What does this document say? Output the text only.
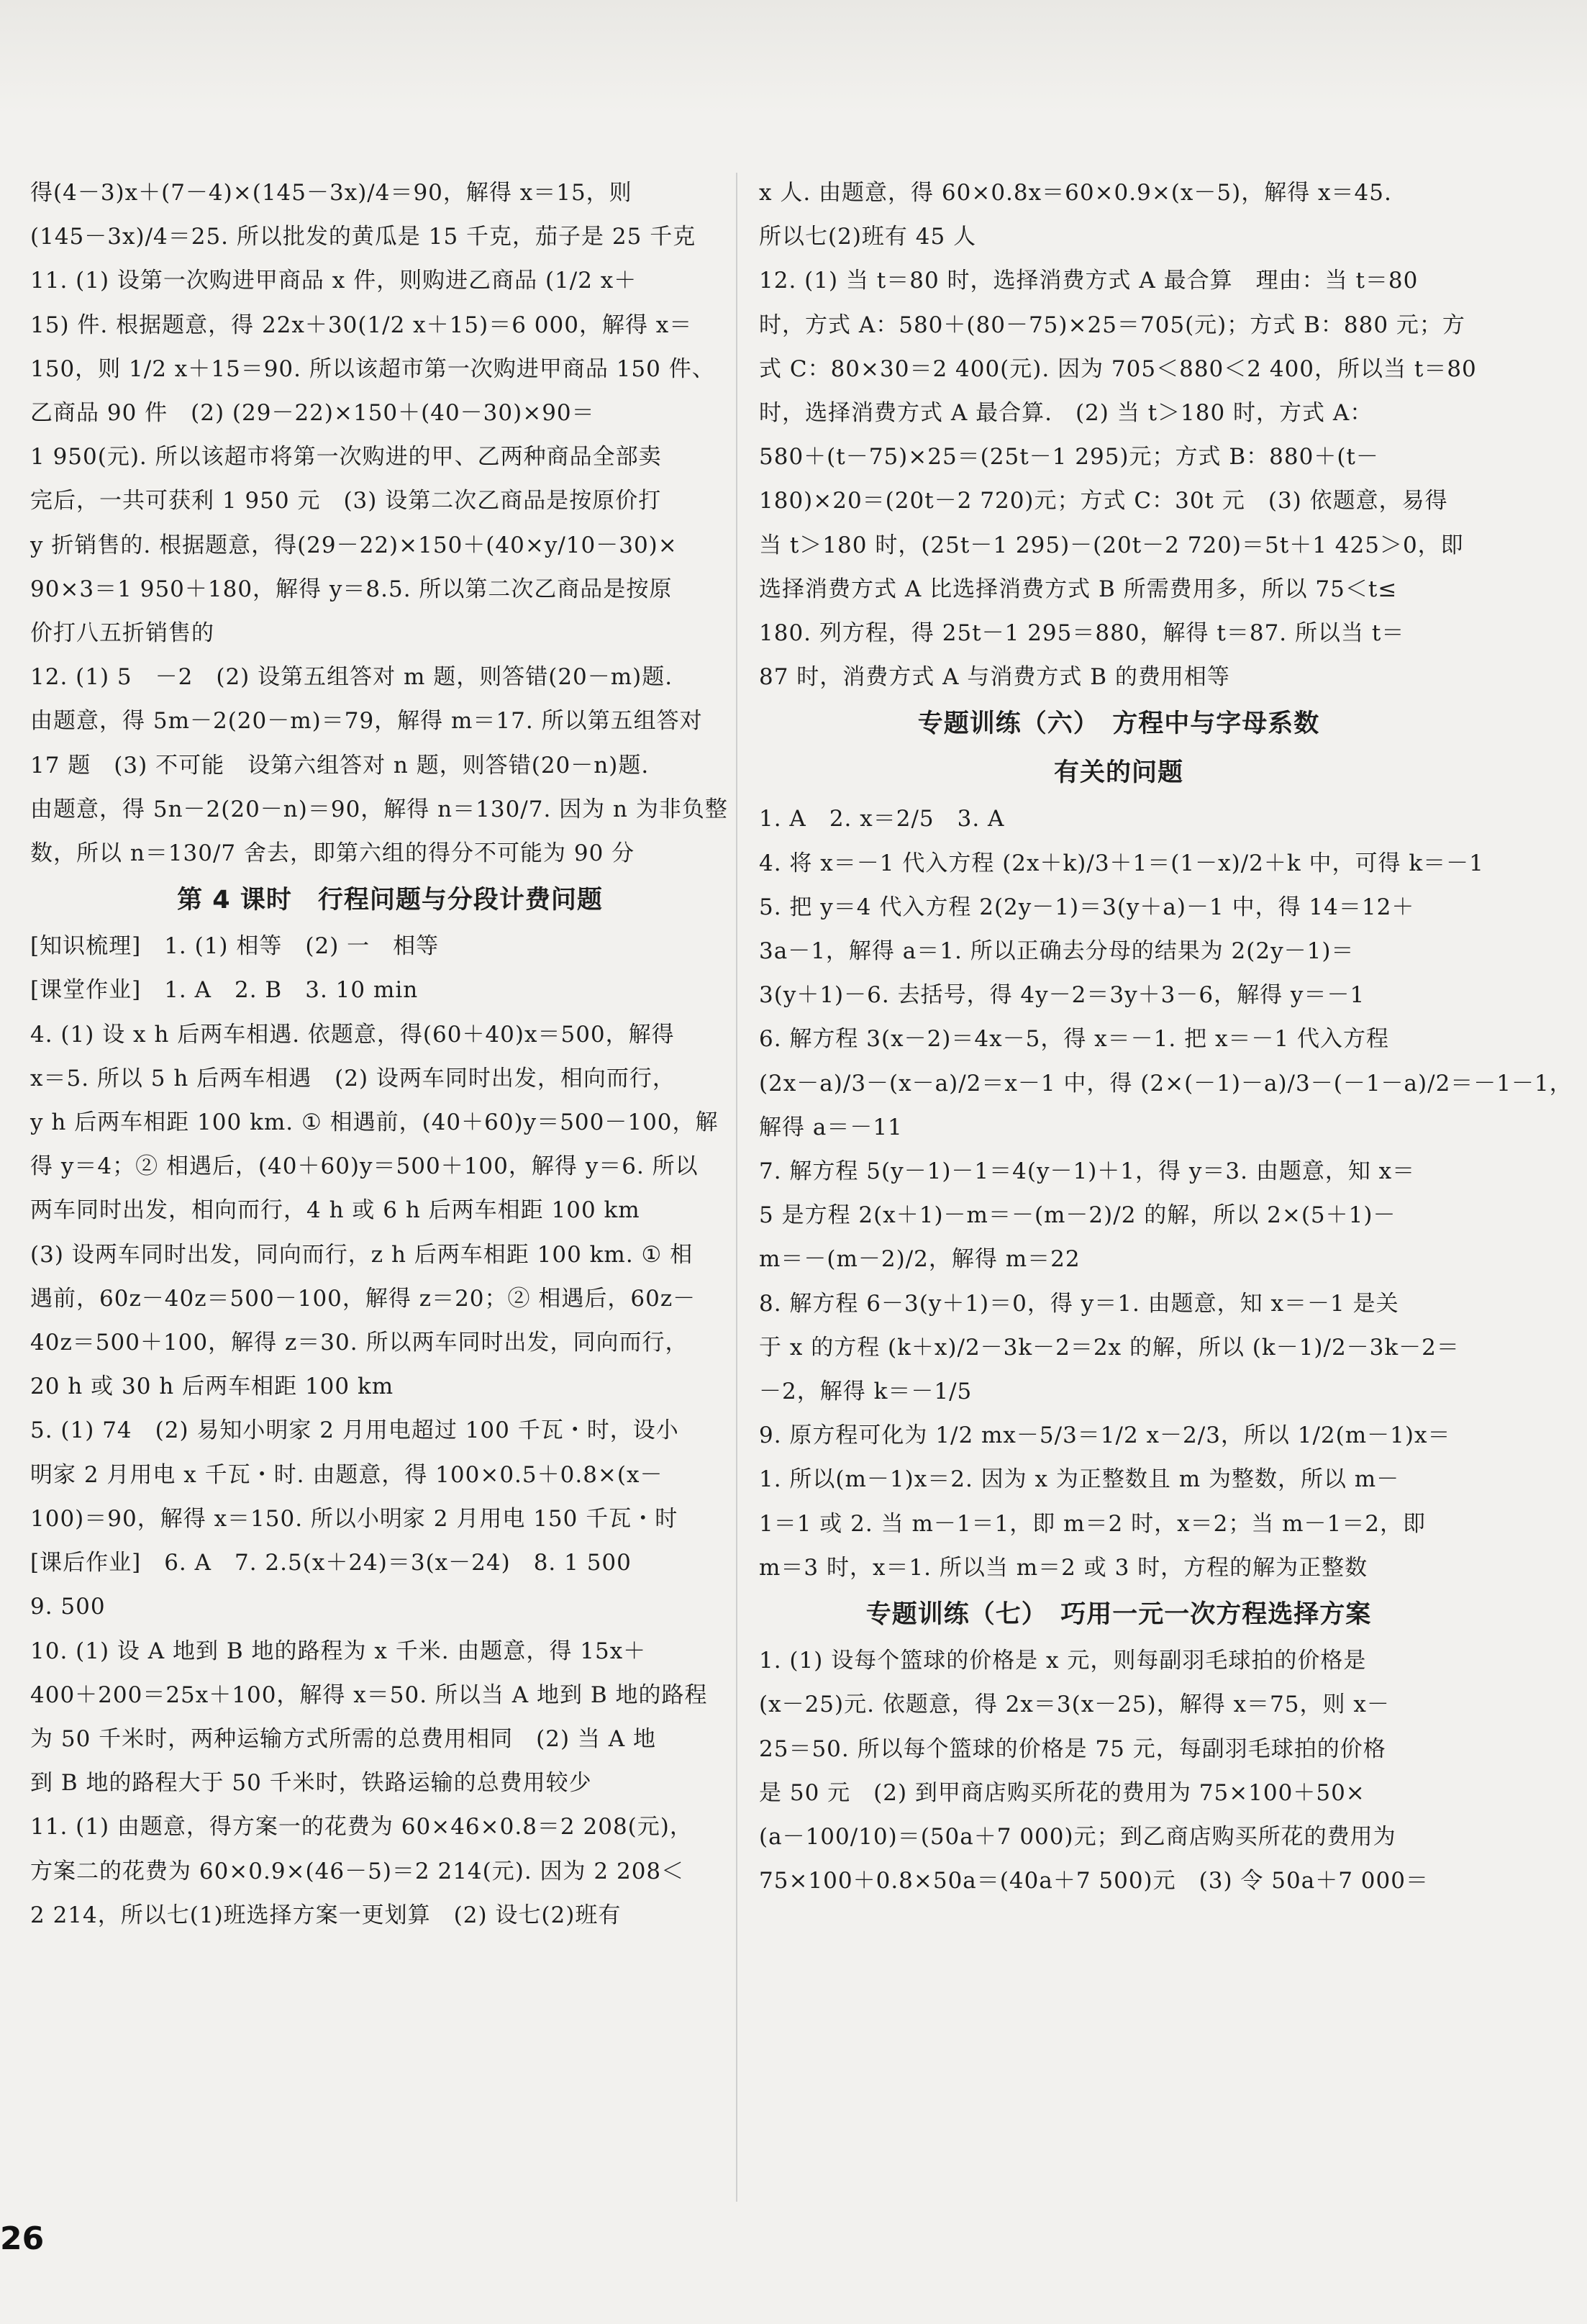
得(4－3)x＋(7－4)×(145－3x)/4＝90，解得 x＝15，则

(145－3x)/4＝25. 所以批发的黄瓜是 15 千克，茄子是 25 千克

11. (1) 设第一次购进甲商品 x 件，则购进乙商品 (1/2 x＋

15) 件. 根据题意，得 22x＋30(1/2 x＋15)＝6 000，解得 x＝

150，则 1/2 x＋15＝90. 所以该超市第一次购进甲商品 150 件、

乙商品 90 件　(2) (29－22)×150＋(40－30)×90＝

1 950(元). 所以该超市将第一次购进的甲、乙两种商品全部卖

完后，一共可获利 1 950 元　(3) 设第二次乙商品是按原价打

y 折销售的. 根据题意，得(29－22)×150＋(40×y/10－30)×

90×3＝1 950＋180，解得 y＝8.5. 所以第二次乙商品是按原

价打八五折销售的

12. (1) 5　－2　(2) 设第五组答对 m 题，则答错(20－m)题.

由题意，得 5m－2(20－m)＝79，解得 m＝17. 所以第五组答对

17 题　(3) 不可能　设第六组答对 n 题，则答错(20－n)题.

由题意，得 5n－2(20－n)＝90，解得 n＝130/7. 因为 n 为非负整

数，所以 n＝130/7 舍去，即第六组的得分不可能为 90 分

第 4 课时　行程问题与分段计费问题

[知识梳理]　1. (1) 相等　(2) 一　相等

[课堂作业]　1. A　2. B　3. 10 min

4. (1) 设 x h 后两车相遇. 依题意，得(60＋40)x＝500，解得

x＝5. 所以 5 h 后两车相遇　(2) 设两车同时出发，相向而行，

y h 后两车相距 100 km. ① 相遇前，(40＋60)y＝500－100，解

得 y＝4；② 相遇后，(40＋60)y＝500＋100，解得 y＝6. 所以

两车同时出发，相向而行，4 h 或 6 h 后两车相距 100 km

(3) 设两车同时出发，同向而行，z h 后两车相距 100 km. ① 相

遇前，60z－40z＝500－100，解得 z＝20；② 相遇后，60z－

40z＝500＋100，解得 z＝30. 所以两车同时出发，同向而行，

20 h 或 30 h 后两车相距 100 km

5. (1) 74　(2) 易知小明家 2 月用电超过 100 千瓦・时，设小

明家 2 月用电 x 千瓦・时. 由题意，得 100×0.5＋0.8×(x－

100)＝90，解得 x＝150. 所以小明家 2 月用电 150 千瓦・时

[课后作业]　6. A　7. 2.5(x＋24)＝3(x－24)　8. 1 500

9. 500

10. (1) 设 A 地到 B 地的路程为 x 千米. 由题意，得 15x＋

400＋200＝25x＋100，解得 x＝50. 所以当 A 地到 B 地的路程

为 50 千米时，两种运输方式所需的总费用相同　(2) 当 A 地

到 B 地的路程大于 50 千米时，铁路运输的总费用较少

11. (1) 由题意，得方案一的花费为 60×46×0.8＝2 208(元)，

方案二的花费为 60×0.9×(46－5)＝2 214(元). 因为 2 208＜

2 214，所以七(1)班选择方案一更划算　(2) 设七(2)班有

x 人. 由题意，得 60×0.8x＝60×0.9×(x－5)，解得 x＝45.

所以七(2)班有 45 人

12. (1) 当 t＝80 时，选择消费方式 A 最合算　理由：当 t＝80

时，方式 A：580＋(80－75)×25＝705(元)；方式 B：880 元；方

式 C：80×30＝2 400(元). 因为 705＜880＜2 400，所以当 t＝80

时，选择消费方式 A 最合算.　(2) 当 t＞180 时，方式 A：

580＋(t－75)×25＝(25t－1 295)元；方式 B：880＋(t－

180)×20＝(20t－2 720)元；方式 C：30t 元　(3) 依题意，易得

当 t＞180 时，(25t－1 295)－(20t－2 720)＝5t＋1 425＞0，即

选择消费方式 A 比选择消费方式 B 所需费用多，所以 75＜t≤

180. 列方程，得 25t－1 295＝880，解得 t＝87. 所以当 t＝

87 时，消费方式 A 与消费方式 B 的费用相等

专题训练（六）　方程中与字母系数

有关的问题

1. A　2. x＝2/5　3. A

4. 将 x＝－1 代入方程 (2x＋k)/3＋1＝(1－x)/2＋k 中，可得 k＝－1

5. 把 y＝4 代入方程 2(2y－1)＝3(y＋a)－1 中，得 14＝12＋

3a－1，解得 a＝1. 所以正确去分母的结果为 2(2y－1)＝

3(y＋1)－6. 去括号，得 4y－2＝3y＋3－6，解得 y＝－1

6. 解方程 3(x－2)＝4x－5，得 x＝－1. 把 x＝－1 代入方程

(2x－a)/3－(x－a)/2＝x－1 中，得 (2×(－1)－a)/3－(－1－a)/2＝－1－1，

解得 a＝－11

7. 解方程 5(y－1)－1＝4(y－1)＋1，得 y＝3. 由题意，知 x＝

5 是方程 2(x＋1)－m＝－(m－2)/2 的解，所以 2×(5＋1)－

m＝－(m－2)/2，解得 m＝22

8. 解方程 6－3(y＋1)＝0，得 y＝1. 由题意，知 x＝－1 是关

于 x 的方程 (k＋x)/2－3k－2＝2x 的解，所以 (k－1)/2－3k－2＝

－2，解得 k＝－1/5

9. 原方程可化为 1/2 mx－5/3＝1/2 x－2/3，所以 1/2(m－1)x＝

1. 所以(m－1)x＝2. 因为 x 为正整数且 m 为整数，所以 m－

1＝1 或 2. 当 m－1＝1，即 m＝2 时，x＝2；当 m－1＝2，即

m＝3 时，x＝1. 所以当 m＝2 或 3 时，方程的解为正整数

专题训练（七）　巧用一元一次方程选择方案

1. (1) 设每个篮球的价格是 x 元，则每副羽毛球拍的价格是

(x－25)元. 依题意，得 2x＝3(x－25)，解得 x＝75，则 x－

25＝50. 所以每个篮球的价格是 75 元，每副羽毛球拍的价格

是 50 元　(2) 到甲商店购买所花的费用为 75×100＋50×

(a－100/10)＝(50a＋7 000)元；到乙商店购买所花的费用为

75×100＋0.8×50a＝(40a＋7 500)元　(3) 令 50a＋7 000＝

26
